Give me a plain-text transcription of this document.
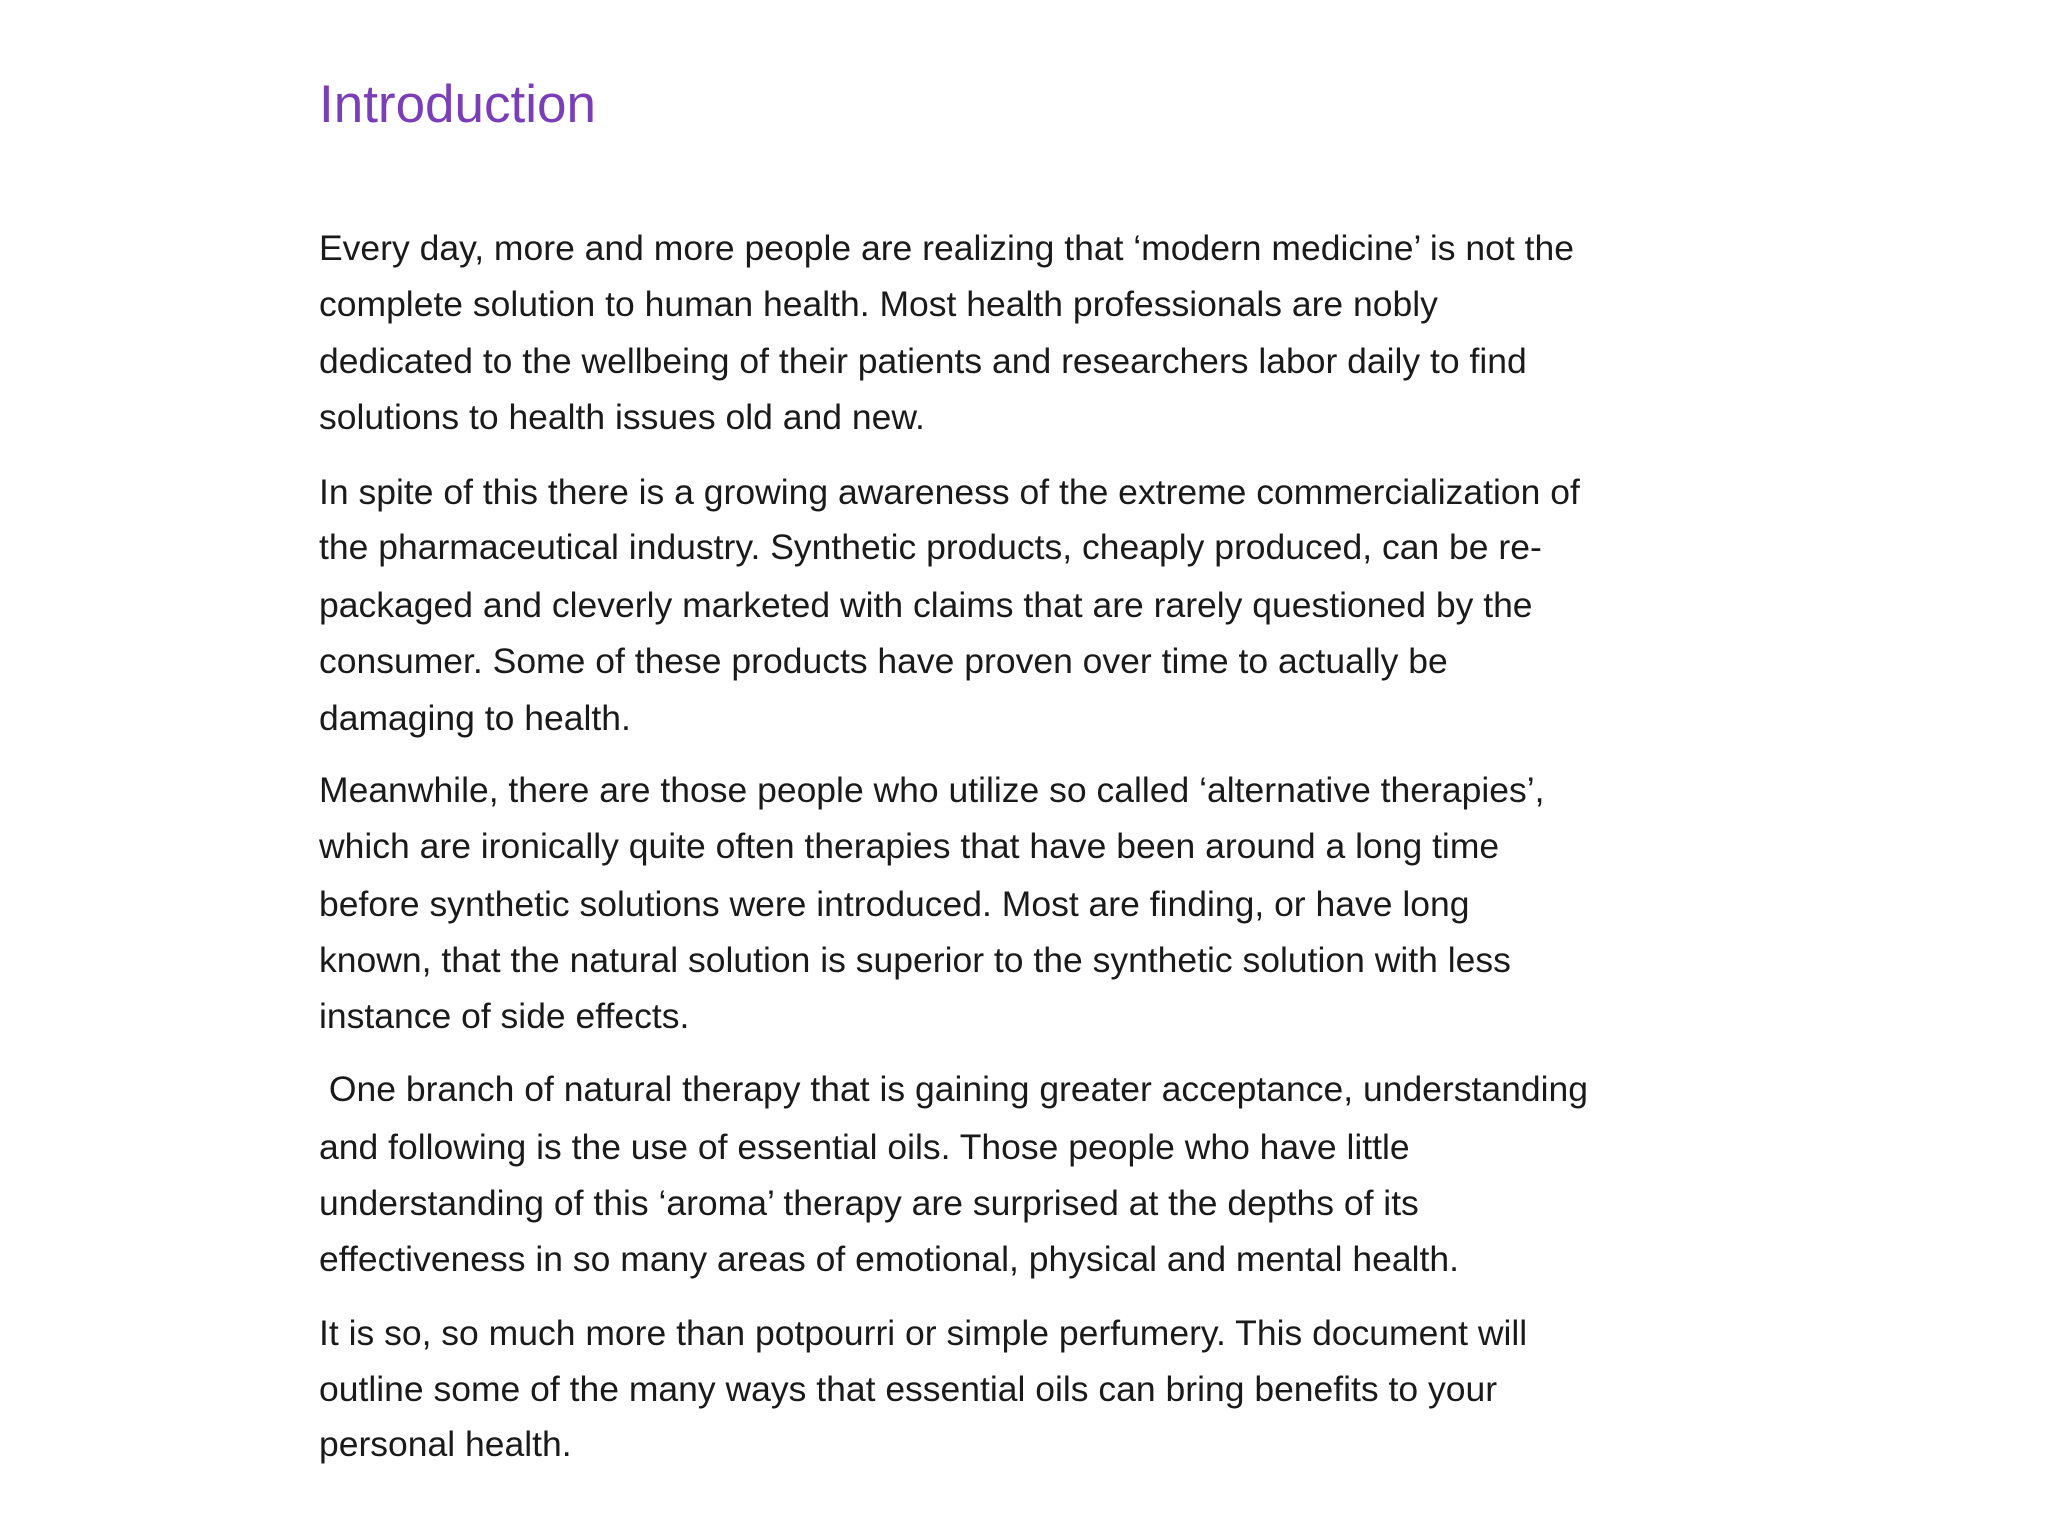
Introduction

Every day, more and more people are realizing that ‘modern medicine’ is not the

complete solution to human health. Most health professionals are nobly

dedicated to the wellbeing of their patients and researchers labor daily to find

solutions to health issues old and new.

In spite of this there is a growing awareness of the extreme commercialization of

the pharmaceutical industry. Synthetic products, cheaply produced, can be re-

packaged and cleverly marketed with claims that are rarely questioned by the

consumer. Some of these products have proven over time to actually be

damaging to health.

Meanwhile, there are those people who utilize so called ‘alternative therapies’,

which are ironically quite often therapies that have been around a long time

before synthetic solutions were introduced. Most are finding, or have long

known, that the natural solution is superior to the synthetic solution with less

instance of side effects.

One branch of natural therapy that is gaining greater acceptance, understanding

and following is the use of essential oils. Those people who have little

understanding of this ‘aroma’ therapy are surprised at the depths of its

effectiveness in so many areas of emotional, physical and mental health.

It is so, so much more than potpourri or simple perfumery. This document will

outline some of the many ways that essential oils can bring benefits to your

personal health.
